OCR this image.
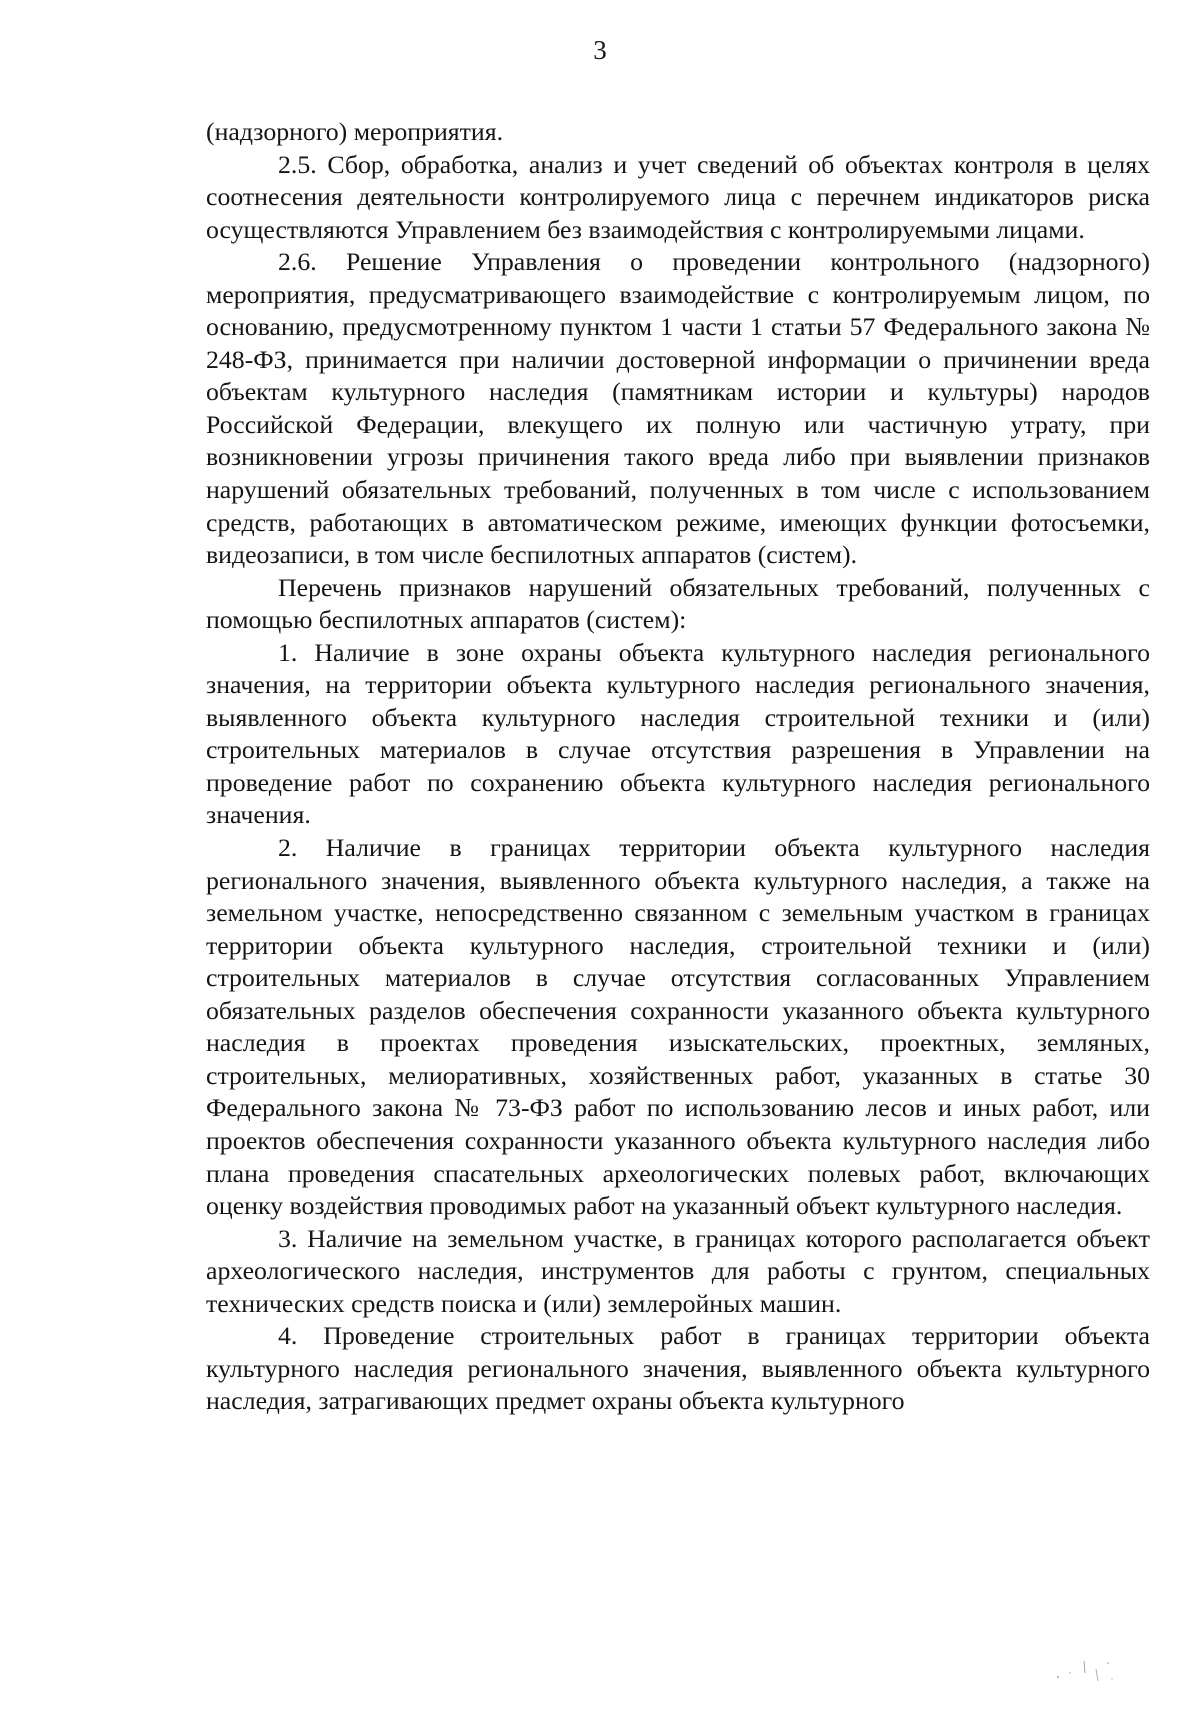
3

(надзорного) мероприятия.

2.5. Сбор, обработка, анализ и учет сведений об объектах контроля в целях соотнесения деятельности контролируемого лица с перечнем индикаторов риска осуществляются Управлением без взаимодействия с контролируемыми лицами.

2.6. Решение Управления о проведении контрольного (надзорного) мероприятия, предусматривающего взаимодействие с контролируемым лицом, по основанию, предусмотренному пунктом 1 части 1 статьи 57 Федерального закона № 248-ФЗ, принимается при наличии достоверной информации о причинении вреда объектам культурного наследия (памятникам истории и культуры) народов Российской Федерации, влекущего их полную или частичную утрату, при возникновении угрозы причинения такого вреда либо при выявлении признаков нарушений обязательных требований, полученных в том числе с использованием средств, работающих в автоматическом режиме, имеющих функции фотосъемки, видеозаписи, в том числе беспилотных аппаратов (систем).

Перечень признаков нарушений обязательных требований, полученных с помощью беспилотных аппаратов (систем):

1. Наличие в зоне охраны объекта культурного наследия регионального значения, на территории объекта культурного наследия регионального значения, выявленного объекта культурного наследия строительной техники и (или) строительных материалов в случае отсутствия разрешения в Управлении на проведение работ по сохранению объекта культурного наследия регионального значения.

2. Наличие в границах территории объекта культурного наследия регионального значения, выявленного объекта культурного наследия, а также на земельном участке, непосредственно связанном с земельным участком в границах территории объекта культурного наследия, строительной техники и (или) строительных материалов в случае отсутствия согласованных Управлением обязательных разделов обеспечения сохранности указанного объекта культурного наследия в проектах проведения изыскательских, проектных, земляных, строительных, мелиоративных, хозяйственных работ, указанных в статье 30 Федерального закона № 73-ФЗ работ по использованию лесов и иных работ, или проектов обеспечения сохранности указанного объекта культурного наследия либо плана проведения спасательных археологических полевых работ, включающих оценку воздействия проводимых работ на указанный объект культурного наследия.

3. Наличие на земельном участке, в границах которого располагается объект археологического наследия, инструментов для работы с грунтом, специальных технических средств поиска и (или) землеройных машин.

4. Проведение строительных работ в границах территории объекта культурного наследия регионального значения, выявленного объекта культурного наследия, затрагивающих предмет охраны объекта культурного
